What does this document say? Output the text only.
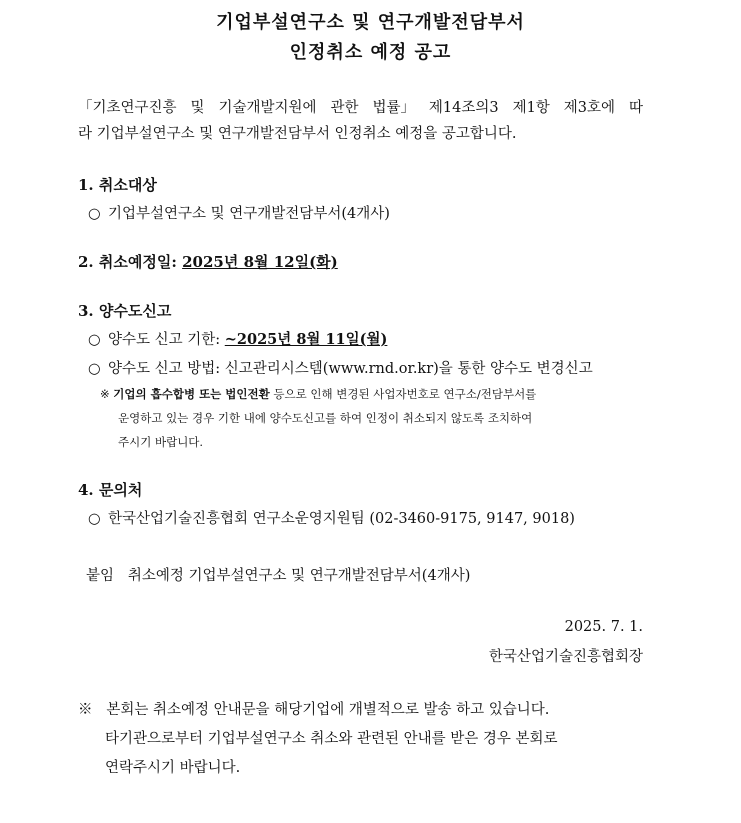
기업부설연구소 및 연구개발전담부서
인정취소 예정 공고
「기초연구진흥 및 기술개발지원에 관한 법률」 제14조의3 제1항 제3호에 따
라 기업부설연구소 및 연구개발전담부서 인정취소 예정을 공고합니다.
1. 취소대상
○ 기업부설연구소 및 연구개발전담부서(4개사)
2. 취소예정일: 2025년 8월 12일(화)
3. 양수도신고
○ 양수도 신고 기한: ~2025년 8월 11일(월)
○ 양수도 신고 방법: 신고관리시스템(www.rnd.or.kr)을 통한 양수도 변경신고
※ 기업의 흡수합병 또는 법인전환 등으로 인해 변경된 사업자번호로 연구소/전담부서를
운영하고 있는 경우 기한 내에 양수도신고를 하여 인정이 취소되지 않도록 조치하여
주시기 바랍니다.
4. 문의처
○ 한국산업기술진흥협회 연구소운영지원팀 (02-3460-9175, 9147, 9018)
붙임 취소예정 기업부설연구소 및 연구개발전담부서(4개사)
2025. 7. 1.
한국산업기술진흥협회장
※ 본회는 취소예정 안내문을 해당기업에 개별적으로 발송 하고 있습니다.
타기관으로부터 기업부설연구소 취소와 관련된 안내를 받은 경우 본회로
연락주시기 바랍니다.
